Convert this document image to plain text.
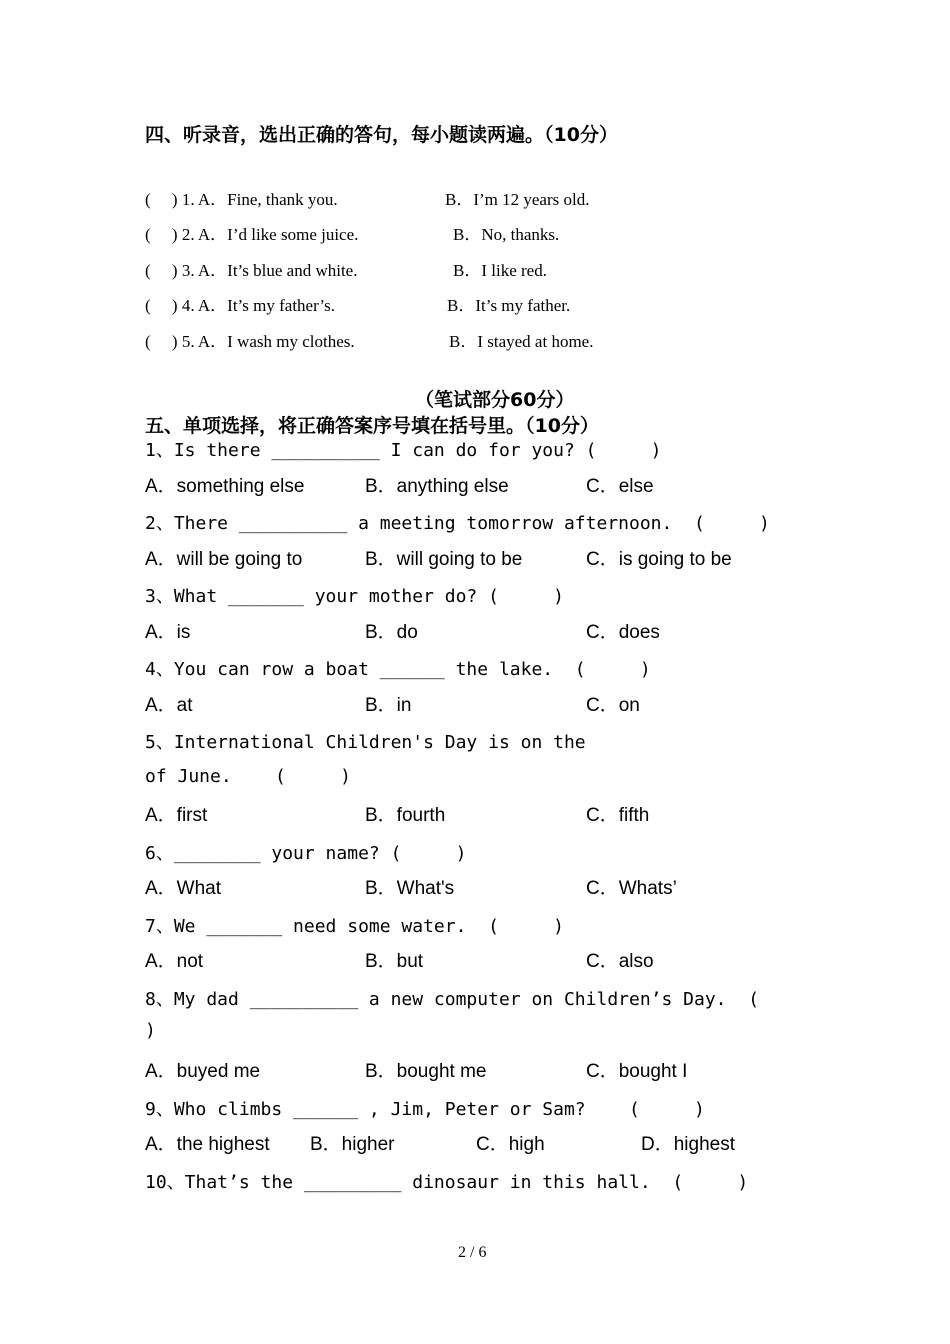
四、听录音，选出正确的答句，每小题读两遍。（10分）
(     ) 1. A．Fine, thank you.	B．I’m 12 years old.
(     ) 2. A．I’d like some juice.	B．No, thanks.
(     ) 3. A．It’s blue and white.	B．I like red.
(     ) 4. A．It’s my father’s.	B．It’s my father.
(     ) 5. A．I wash my clothes.	B．I stayed at home.
（笔试部分60分）
五、单项选择，将正确答案序号填在括号里。（10分）
1、Is there __________ I can do for you? (     )
A．something else	B．anything else	C．else
2、There __________ a meeting tomorrow afternoon.  (     )
A．will be going to	B．will going to be	C．is going to be
3、What _______ your mother do? (     )
A．is	B．do	C．does
4、You can row a boat ______ the lake.  (     )
A．at	B．in	C．on
5、International Children's Day is on the
of June.    (     )
A．first	B．fourth	C．fifth
6、________ your name? (     )
A．What	B．What's	C．Whats’
7、We _______ need some water.  (     )
A．not	B．but	C．also
8、My dad __________ a new computer on Children’s Day.  (
)
A．buyed me	B．bought me	C．bought I
9、Who climbs ______ , Jim, Peter or Sam?    (     )
A．the highest B．higher	C．high	D．highest
10、That’s the _________ dinosaur in this hall.  (     )
2 / 6
